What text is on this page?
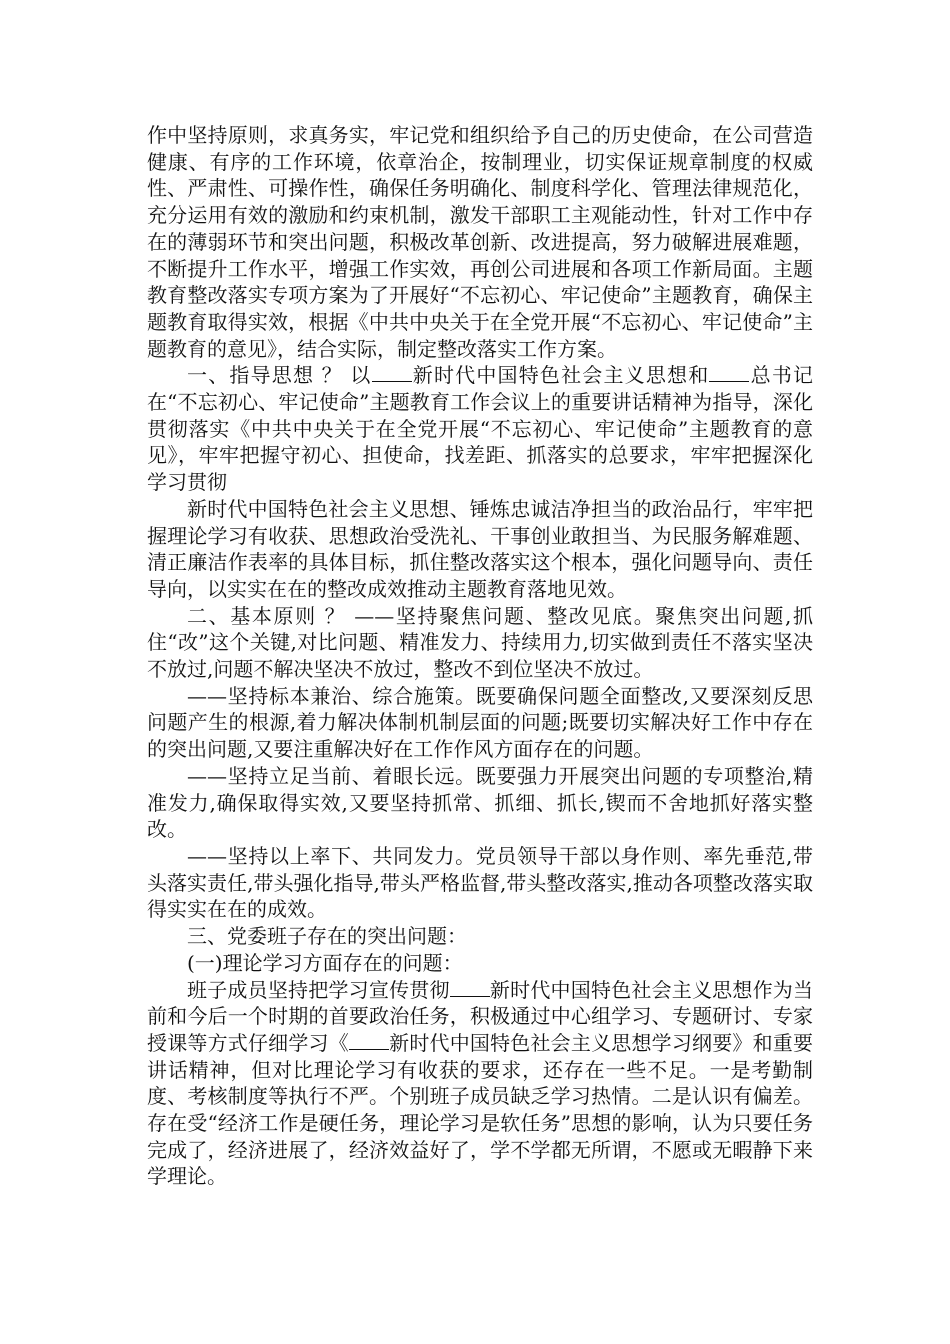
作中坚持原则，求真务实，牢记党和组织给予自己的历史使命，在公司营造健康、有序的工作环境，依章治企，按制理业，切实保证规章制度的权威性、严肃性、可操作性，确保任务明确化、制度科学化、管理法律规范化，充分运用有效的激励和约束机制，激发干部职工主观能动性，针对工作中存在的薄弱环节和突出问题，积极改革创新、改进提高，努力破解进展难题，不断提升工作水平，增强工作实效，再创公司进展和各项工作新局面。主题教育整改落实专项方案为了开展好“不忘初心、牢记使命”主题教育，确保主题教育取得实效，根据《中共中央关于在全党开展“不忘初心、牢记使命”主题教育的意见》，结合实际，制定整改落实工作方案。

一、指导思想 ？ 以 新时代中国特色社会主义思想和 总书记在“不忘初心、牢记使命”主题教育工作会议上的重要讲话精神为指导，深化贯彻落实《中共中央关于在全党开展“不忘初心、牢记使命”主题教育的意见》，牢牢把握守初心、担使命，找差距、抓落实的总要求，牢牢把握深化学习贯彻

新时代中国特色社会主义思想、锤炼忠诚洁净担当的政治品行，牢牢把握理论学习有收获、思想政治受洗礼、干事创业敢担当、为民服务解难题、清正廉洁作表率的具体目标，抓住整改落实这个根本，强化问题导向、责任导向，以实实在在的整改成效推动主题教育落地见效。

二、基本原则 ？ ——坚持聚焦问题、整改见底。聚焦突出问题,抓住“改”这个关键,对比问题、精准发力、持续用力,切实做到责任不落实坚决不放过,问题不解决坚决不放过，整改不到位坚决不放过。

——坚持标本兼治、综合施策。既要确保问题全面整改,又要深刻反思问题产生的根源,着力解决体制机制层面的问题;既要切实解决好工作中存在的突出问题,又要注重解决好在工作作风方面存在的问题。

——坚持立足当前、着眼长远。既要强力开展突出问题的专项整治,精准发力,确保取得实效,又要坚持抓常、抓细、抓长,锲而不舍地抓好落实整改。

——坚持以上率下、共同发力。党员领导干部以身作则、率先垂范,带头落实责任,带头强化指导,带头严格监督,带头整改落实,推动各项整改落实取得实实在在的成效。

三、党委班子存在的突出问题：

(一)理论学习方面存在的问题：

班子成员坚持把学习宣传贯彻 新时代中国特色社会主义思想作为当前和今后一个时期的首要政治任务，积极通过中心组学习、专题研讨、专家授课等方式仔细学习《 新时代中国特色社会主义思想学习纲要》和重要讲话精神，但对比理论学习有收获的要求，还存在一些不足。一是考勤制度、考核制度等执行不严。个别班子成员缺乏学习热情。二是认识有偏差。存在受“经济工作是硬任务，理论学习是软任务”思想的影响，认为只要任务完成了，经济进展了，经济效益好了，学不学都无所谓，不愿或无暇静下来学理论。
